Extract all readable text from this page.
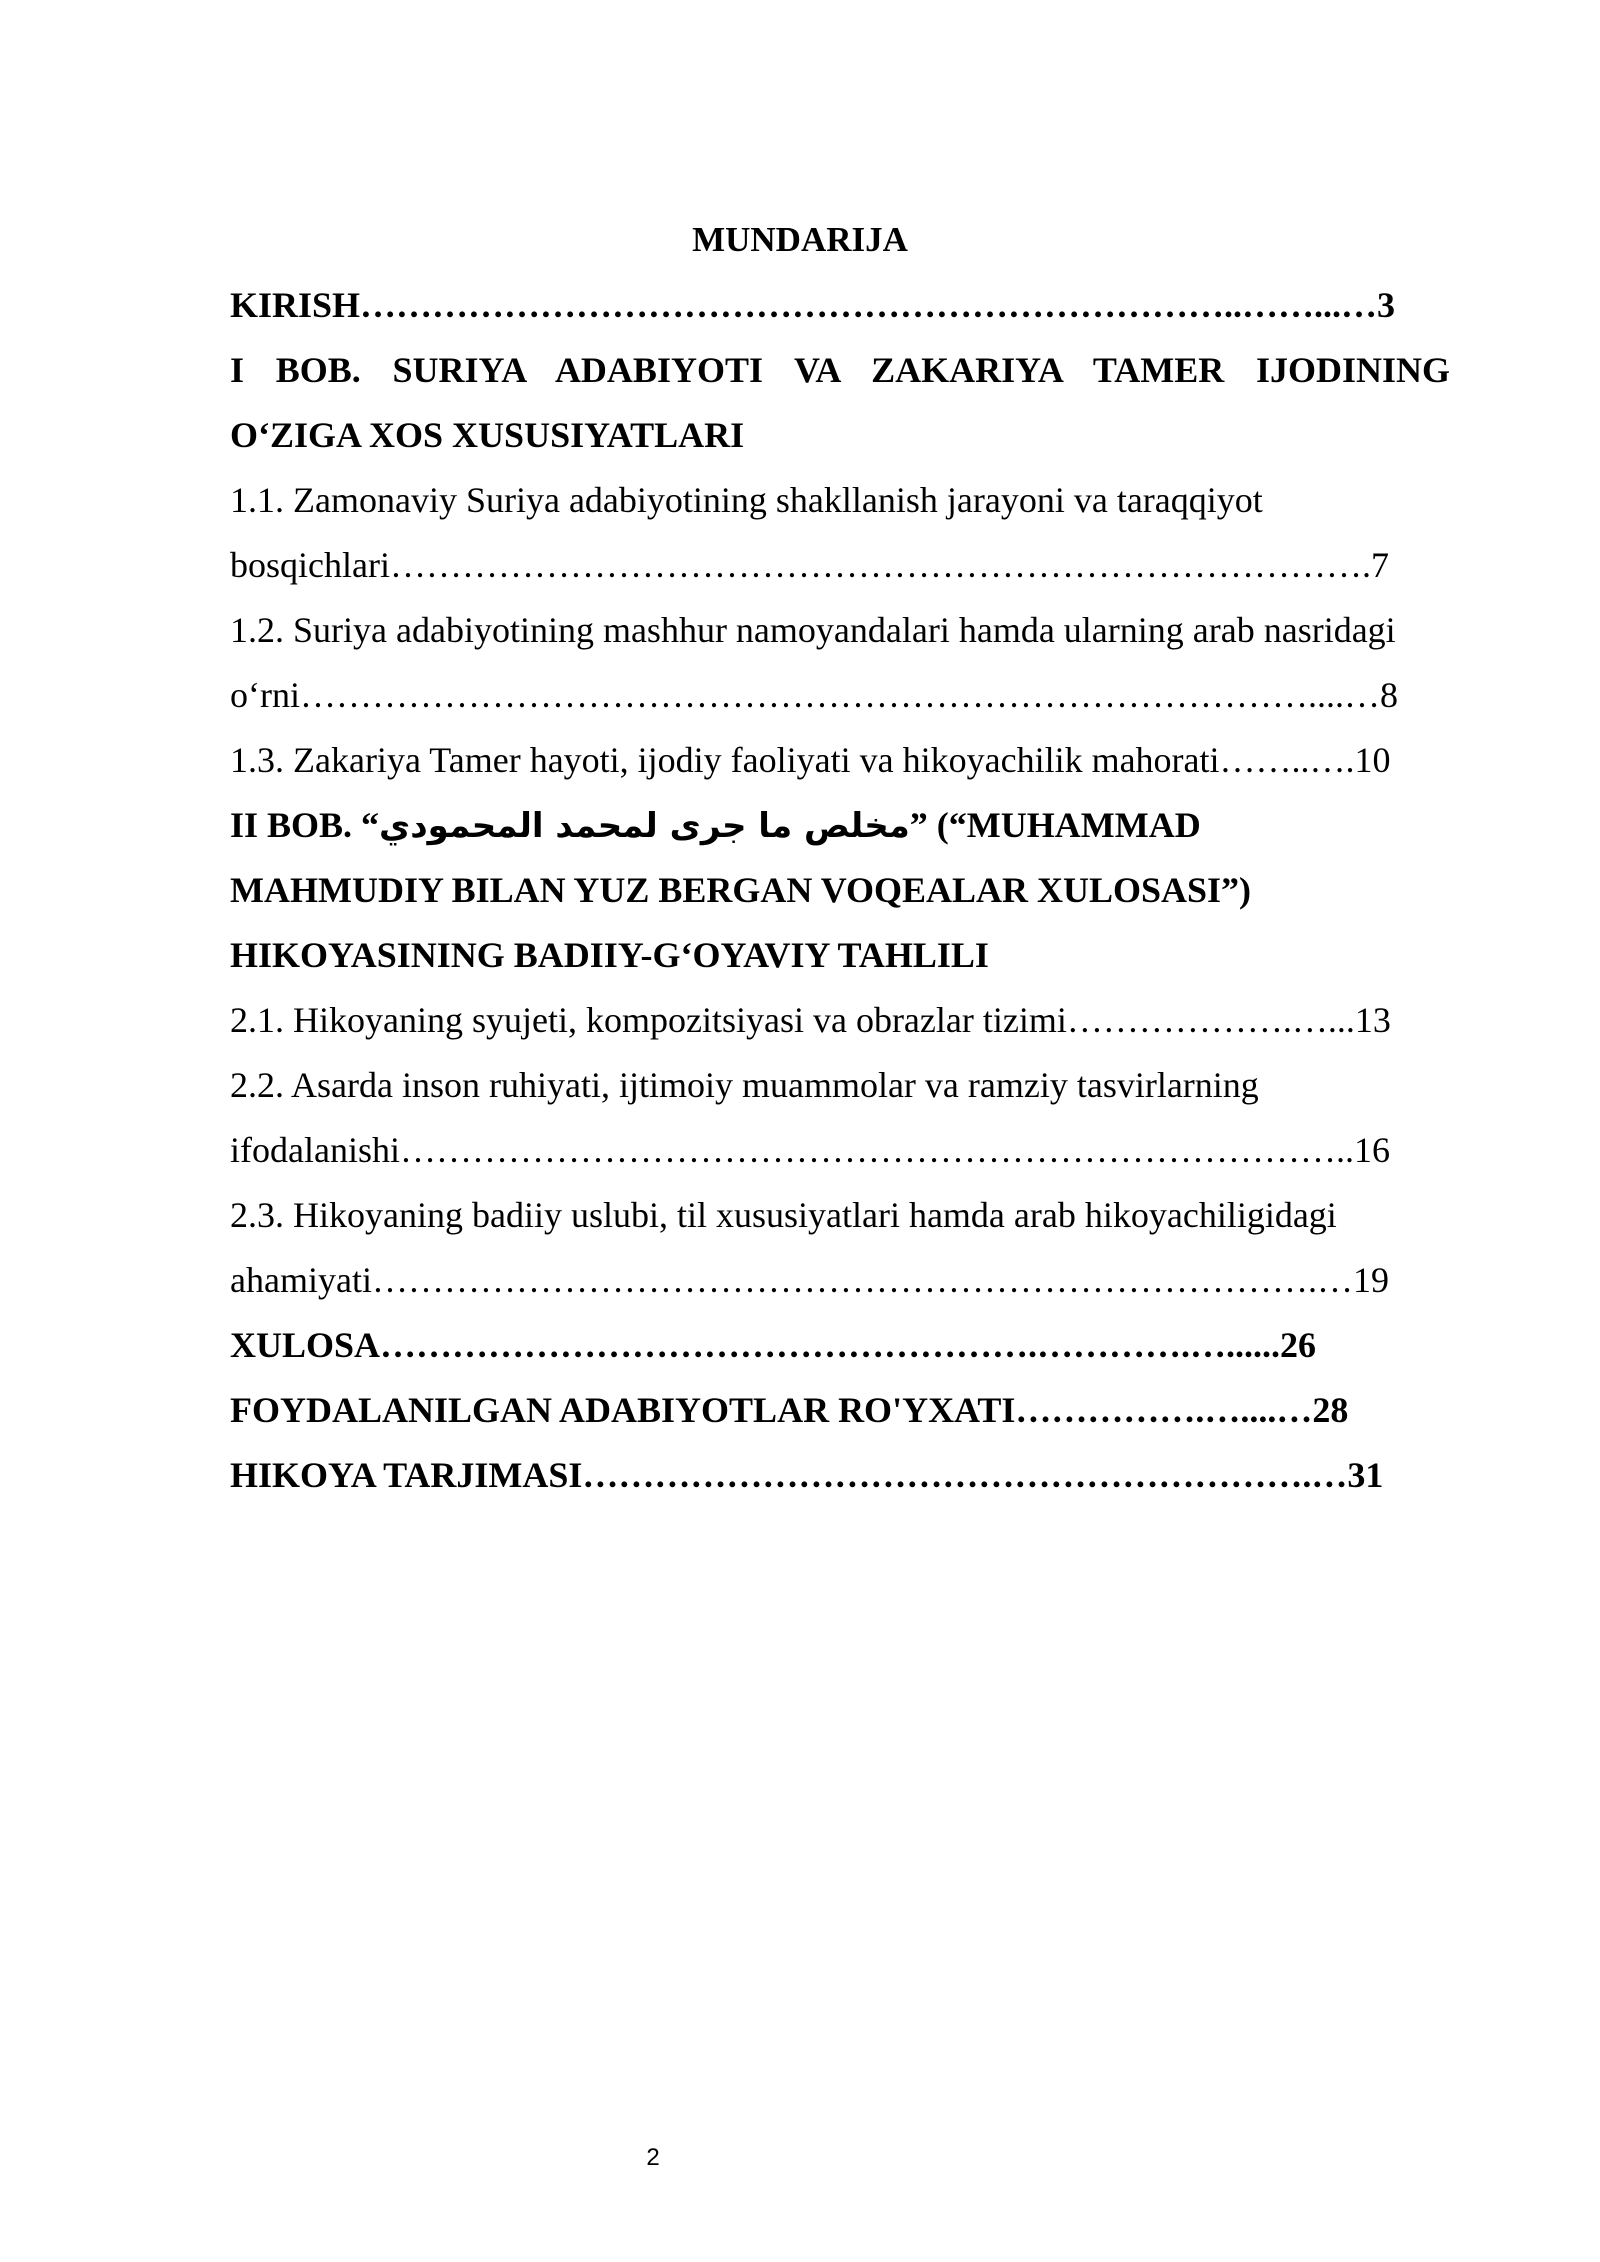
MUNDARIJA
KIRISH………………………………………………………………..……...…3
I BOB. SURIYA ADABIYOTI VA ZAKARIYA TAMER IJODINING
O‘ZIGA XOS XUSUSIYATLARI
1.1. Zamonaviy Suriya adabiyotining shakllanish jarayoni va taraqqiyot
bosqichlari……………………………………………………………………….7
1.2. Suriya adabiyotining mashhur namoyandalari hamda ularning arab nasridagi
o‘rni…………………………………………………………………………....…8
1.3. Zakariya Tamer hayoti, ijodiy faoliyati va hikoyachilik mahorati……..….10
II BOB. “مخلص ما جرى لمحمد المحمودي” (“MUHAMMAD
MAHMUDIY BILAN YUZ BERGAN VOQEALAR XULOSASI”)
HIKOYASINING BADIIY-G‘OYAVIY TAHLILI
2.1. Hikoyaning syujeti, kompozitsiyasi va obrazlar tizimi……………….…...13
2.2. Asarda inson ruhiyati, ijtimoiy muammolar va ramziy tasvirlarning
ifodalanishi……………………………………………………………………..16
2.3. Hikoyaning badiiy uslubi, til xususiyatlari hamda arab hikoyachiligidagi
ahamiyati…………………………………………………………………….…19
XULOSA……………………………………………….………….…......26
FOYDALANILGAN ADABIYOTLAR RO'YXATI…………….…....…28
HIKOYA TARJIMASI…………………………………………………….…31
2
